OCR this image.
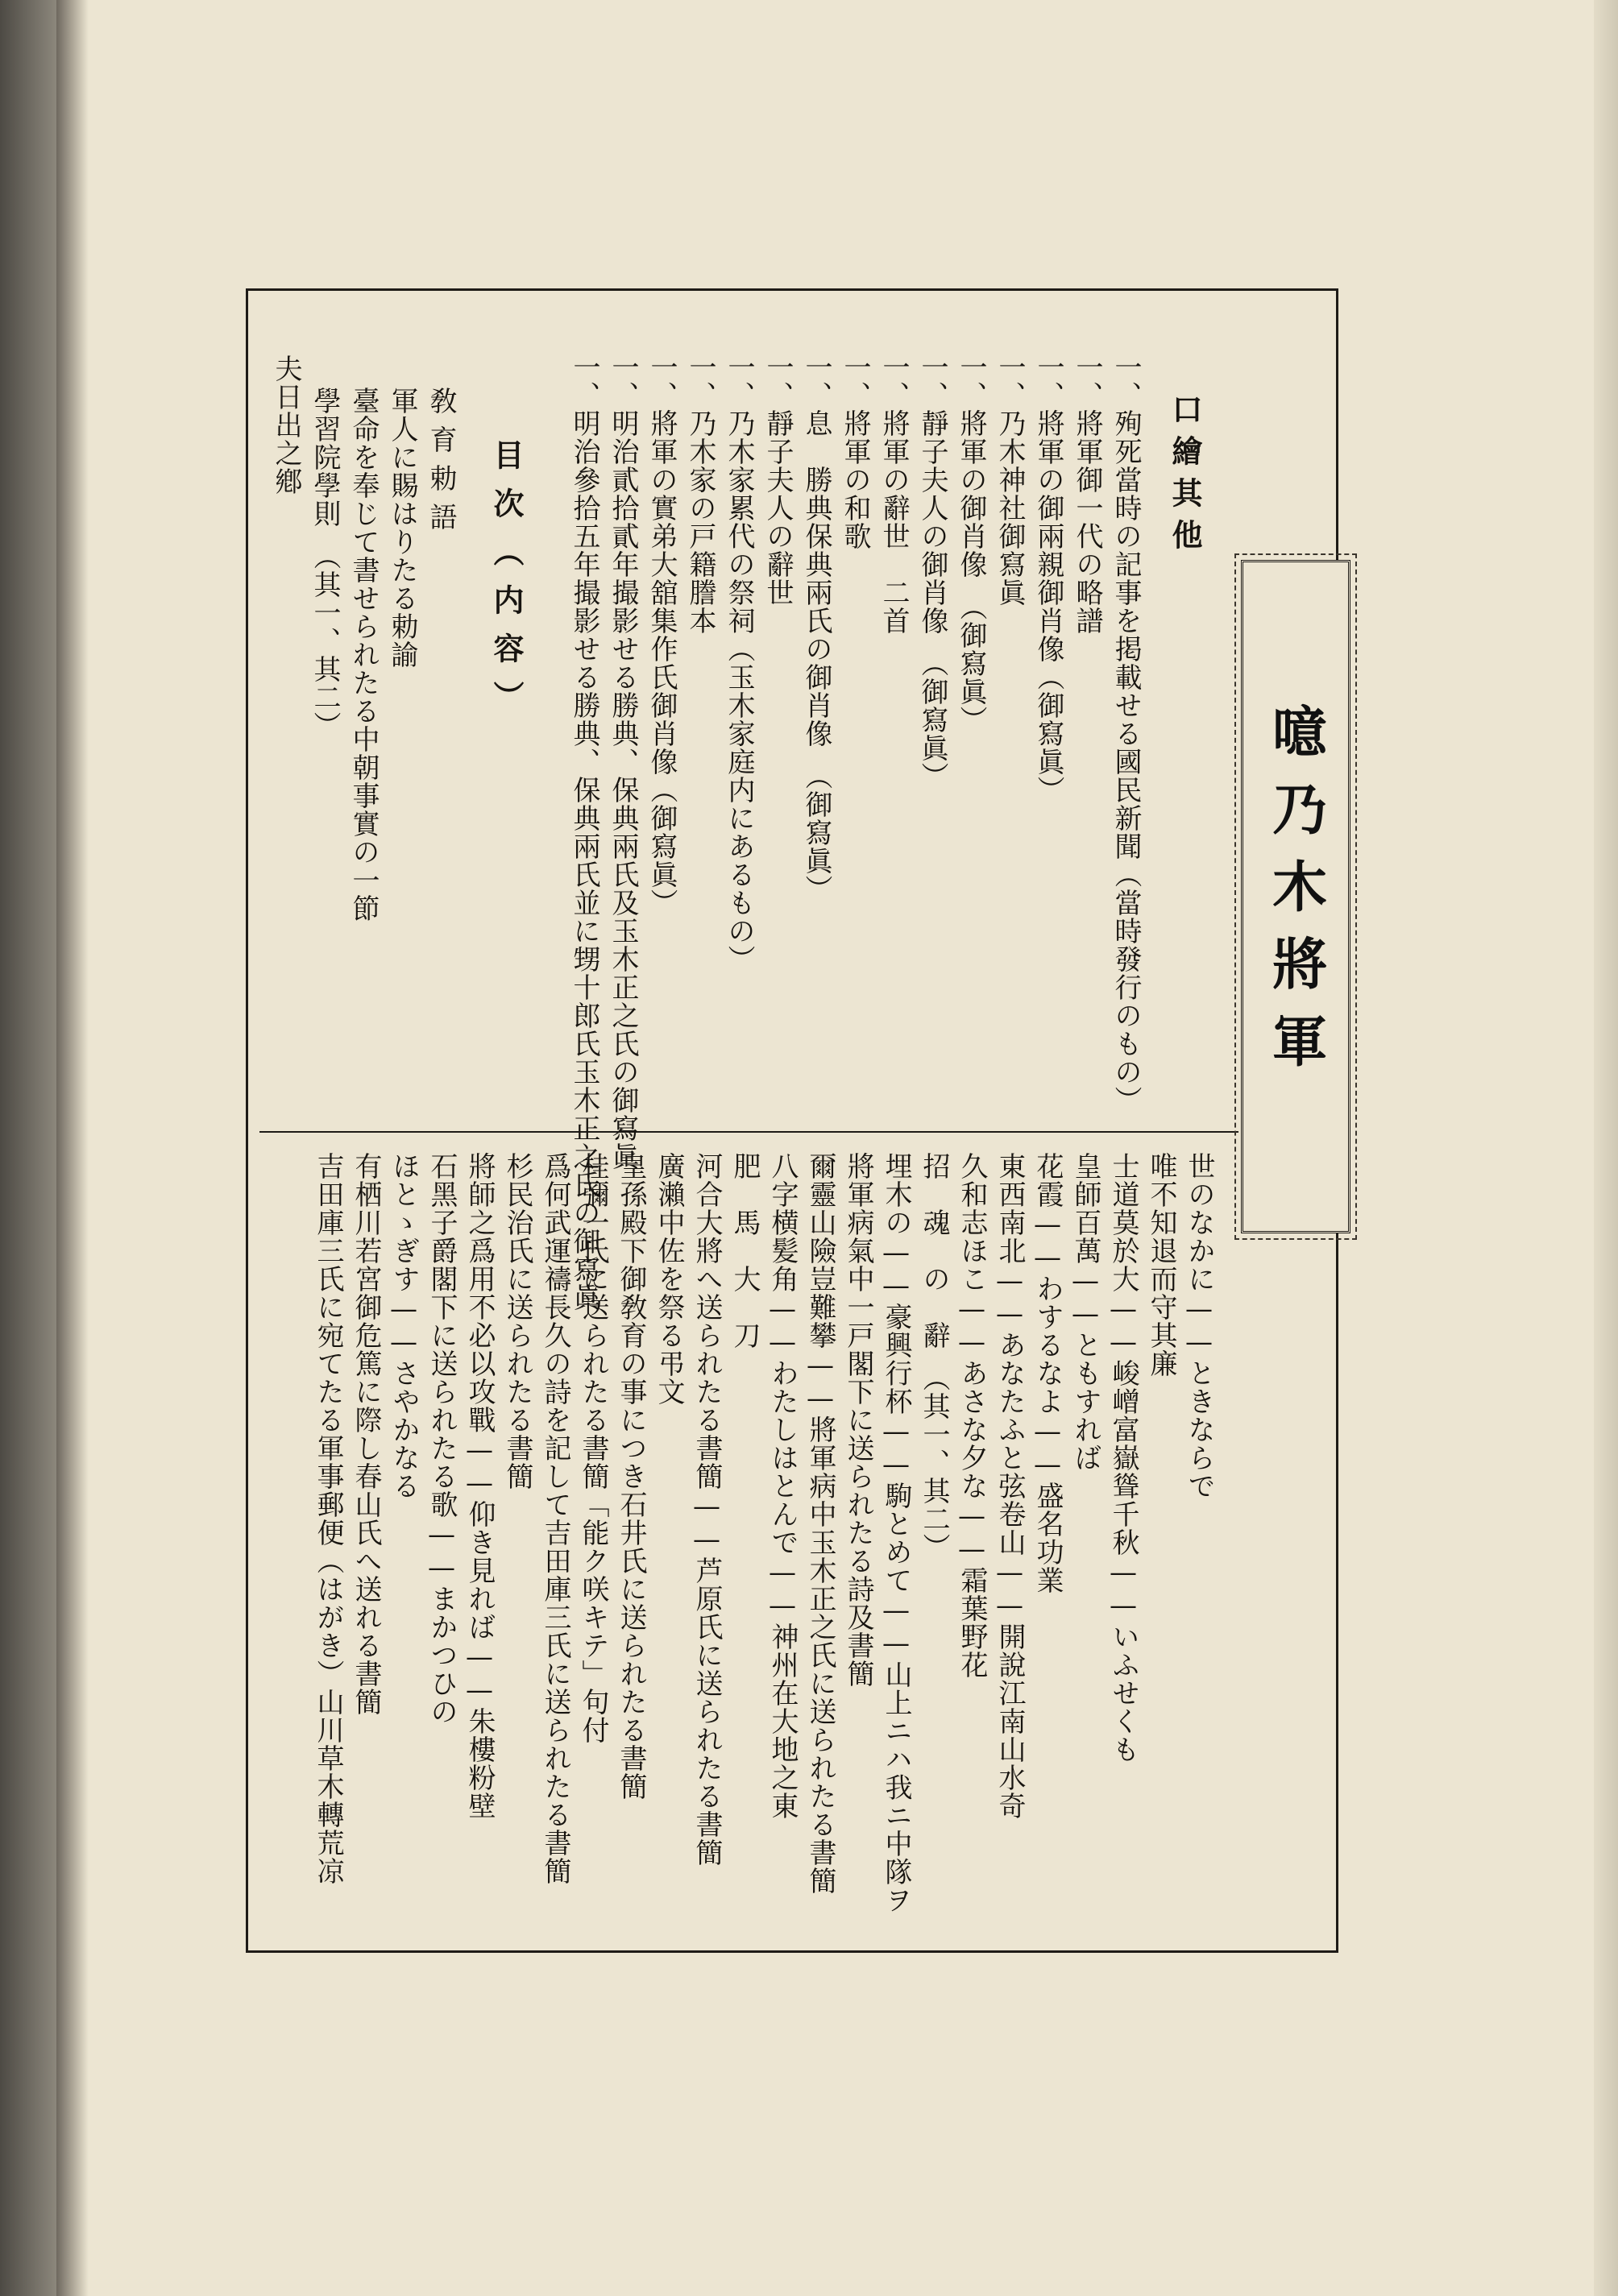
噫乃木將軍
口繪其他
一、殉死當時の記事を掲載せる國民新聞（當時發行のもの）
一、將軍御一代の略譜
一、將軍の御兩親御肖像（御寫眞）
一、乃木神社御寫眞
一、將軍の御肖像　（御寫眞）
一、靜子夫人の御肖像　（御寫眞）
一、將軍の辭世　二首
一、將軍の和歌
一、息　勝典保典兩氏の御肖像　（御寫眞）
一、靜子夫人の辭世
一、乃木家累代の祭祠（玉木家庭内にあるもの）
一、乃木家の戸籍謄本
一、將軍の實弟大舘集作氏御肖像（御寫眞）
一、明治貳拾貳年撮影せる勝典、保典兩氏及玉木正之氏の御寫眞
一、明治參拾五年撮影せる勝典、保典兩氏並に甥十郎氏玉木正之氏の御寫眞
目次（内容）
敎育勅語
軍人に賜はりたる勅諭
臺命を奉じて書せられたる中朝事實の一節
學習院學則　（其一、其二）
夫日出之鄕
世のなかに——ときならで
唯不知退而守其廉
士道莫於大——峻嶒富嶽聳千秋——いふせくも
皇師百萬——ともすれば
花霞——わするなよ——盛名功業
東西南北——あなたふと弦卷山——開說江南山水奇
久和志ほこ——あさな夕な——霜葉野花
招　魂　の　辭　（其一、其二）
埋木の——豪興行杯——駒とめて——山上ニハ我ニ中隊ヲ
將軍病氣中一戸閣下に送られたる詩及書簡
爾靈山險豈難攀——將軍病中玉木正之氏に送られたる書簡
八字横髪角——わたしはとんで——神州在大地之東
肥　馬　大　刀
河合大將へ送られたる書簡——芦原氏に送られたる書簡
廣瀨中佐を祭る弔文
皇孫殿下御敎育の事につき石井氏に送られたる書簡
桂彌一氏に送られたる書簡「能ク咲キテ」句付
爲何武運禱長久の詩を記して吉田庫三氏に送られたる書簡
杉民治氏に送られたる書簡
將師之爲用不必以攻戰——仰き見れば——朱樓粉壁
石黑子爵閣下に送られたる歌——まかつひの
ほとゝぎす——さやかなる
有栖川若宮御危篤に際し春山氏へ送れる書簡
吉田庫三氏に宛てたる軍事郵便（はがき）山川草木轉荒凉
